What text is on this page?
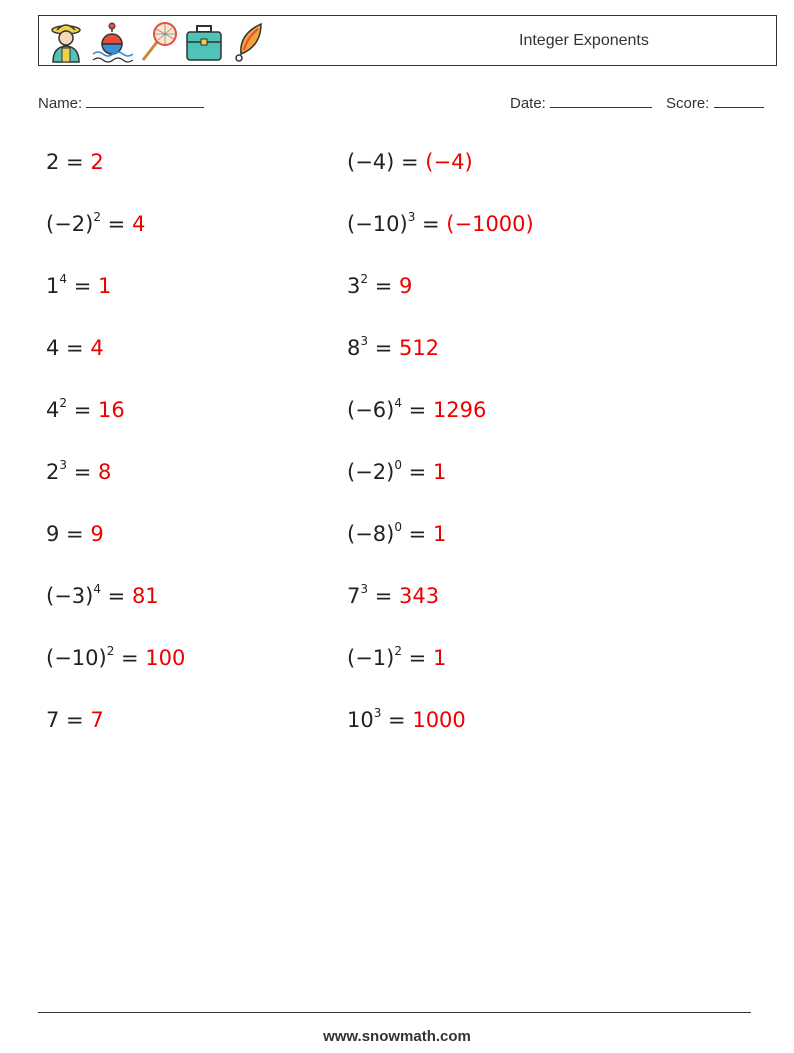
Integer Exponents
Name:	Date:	Score:
2 = 2	(−4) = (−4)
$(-2)^2 = 4$	$(-10)^3 = (-1000)$
$1^4 = 1$	$3^2 = 9$
4 = 4	$8^3 = 512$
$4^2 = 16$	$(-6)^4 = 1296$
$2^3 = 8$	$(-2)^0 = 1$
9 = 9	$(-8)^0 = 1$
$(-3)^4 = 81$	$7^3 = 343$
$(-10)^2 = 100$	$(-1)^2 = 1$
7 = 7	$10^3 = 1000$
www.snowmath.com
